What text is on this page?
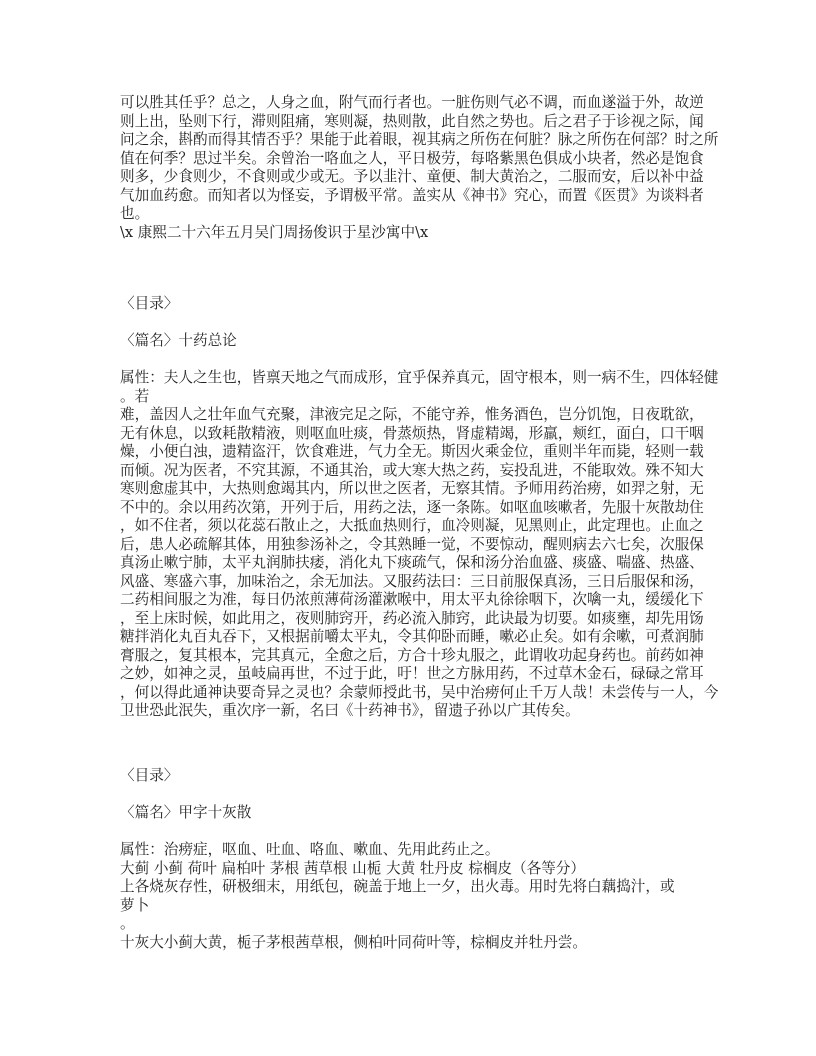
可以胜其任乎？总之，人身之血，附气而行者也。一脏伤则气必不调，而血遂溢于外，故逆
则上出，坠则下行，滞则阻痛，寒则凝，热则散，此自然之势也。后之君子于诊视之际，闻
问之余，斟酌而得其情否乎？果能于此着眼，视其病之所伤在何脏？脉之所伤在何部？时之所
值在何季？思过半矣。余曾治一咯血之人，平日极劳，每咯紫黑色俱成小块者，然必是饱食
则多，少食则少，不食则或少或无。予以韭汁、童便、制大黄治之，二服而安，后以补中益
气加血药愈。而知者以为怪妄，予谓极平常。盖实从《神书》究心，而置《医贯》为谈料者
也。
\x 康熙二十六年五月吴门周扬俊识于星沙寓中\x
〈目录〉
〈篇名〉十药总论
属性：夫人之生也，皆禀天地之气而成形，宜乎保养真元，固守根本，则一病不生，四体轻健
。若
难，盖因人之壮年血气充聚，津液完足之际，不能守养，惟务酒色，岂分饥饱，日夜耽欲，
无有休息，以致耗散精液，则呕血吐痰，骨蒸烦热，肾虚精竭，形羸，颊红，面白，口干咽
燥，小便白浊，遗精盗汗，饮食难进，气力全无。斯因火乘金位，重则半年而毙，轻则一载
而倾。况为医者，不究其源，不通其治，或大寒大热之药，妄投乱进，不能取效。殊不知大
寒则愈虚其中，大热则愈竭其内，所以世之医者，无察其情。予师用药治痨，如羿之射，无
不中的。余以用药次第，开列于后，用药之法，逐一条陈。如呕血咳嗽者，先服十灰散劫住
，如不住者，须以花蕊石散止之，大抵血热则行，血冷则凝，见黑则止，此定理也。止血之
后，患人必疏解其体，用独参汤补之，令其熟睡一觉，不要惊动，醒则病去六七矣，次服保
真汤止嗽宁肺，太平丸润肺扶痿，消化丸下痰疏气，保和汤分治血盛、痰盛、喘盛、热盛、
风盛、寒盛六事，加味治之，余无加法。又服药法曰：三日前服保真汤，三日后服保和汤，
二药相间服之为准，每日仍浓煎薄荷汤灌漱喉中，用太平丸徐徐咽下，次噙一丸，缓缓化下
，至上床时候，如此用之，夜则肺窍开，药必流入肺窍，此诀最为切要。如痰壅，却先用饧
糖拌消化丸百丸吞下，又根据前嚼太平丸，令其仰卧而睡，嗽必止矣。如有余嗽，可煮润肺
膏服之，复其根本，完其真元，全愈之后，方合十珍丸服之，此谓收功起身药也。前药如神
之妙，如神之灵，虽岐扁再世，不过于此，吁！世之方脉用药，不过草木金石，碌碌之常耳
，何以得此通神诀要奇异之灵也？余蒙师授此书，吴中治痨何止千万人哉！未尝传与一人，今
卫世恐此泯失，重次序一新，名曰《十药神书》，留遗子孙以广其传矣。
〈目录〉
〈篇名〉甲字十灰散
属性：治痨症，呕血、吐血、咯血、嗽血、先用此药止之。
大蓟 小蓟 荷叶 扁柏叶 茅根 茜草根 山栀 大黄 牡丹皮 棕榈皮（各等分）
上各烧灰存性，研极细末，用纸包，碗盖于地上一夕，出火毒。用时先将白藕捣汁，或
萝卜
。
十灰大小蓟大黄，栀子茅根茜草根，侧柏叶同荷叶等，棕榈皮并牡丹尝。
